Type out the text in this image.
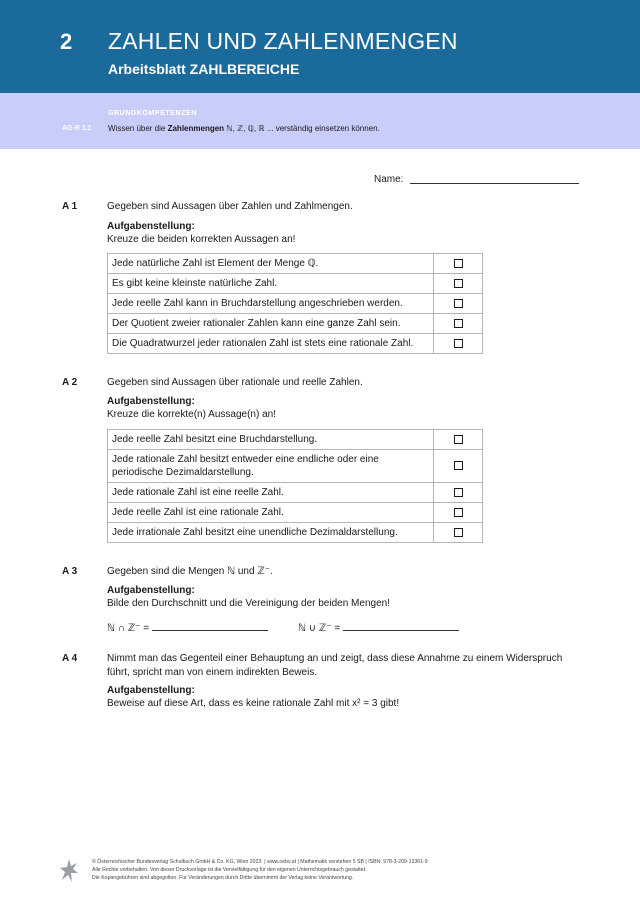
2 ZAHLEN UND ZAHLENMENGEN
Arbeitsblatt ZAHLBEREICHE
GRUNDKOMPETENZEN
AG-R 1.1 Wissen über die Zahlenmengen ℕ, ℤ, ℚ, ℝ ... verständig einsetzen können.
Name:
A 1	Gegeben sind Aussagen über Zahlen und Zahlmengen.
Aufgabenstellung:
Kreuze die beiden korrekten Aussagen an!
Jede natürliche Zahl ist Element der Menge ℚ.	
Es gibt keine kleinste natürliche Zahl.	
Jede reelle Zahl kann in Bruchdarstellung angeschrieben werden.	
Der Quotient zweier rationaler Zahlen kann eine ganze Zahl sein.	
Die Quadratwurzel jeder rationalen Zahl ist stets eine rationale Zahl.	
A 2	Gegeben sind Aussagen über rationale und reelle Zahlen.
Aufgabenstellung:
Kreuze die korrekte(n) Aussage(n) an!
Jede reelle Zahl besitzt eine Bruchdarstellung.	
Jede rationale Zahl besitzt entweder eine endliche oder eine periodische Dezimaldarstellung.	
Jede rationale Zahl ist eine reelle Zahl.	
Jede reelle Zahl ist eine rationale Zahl.	
Jede irrationale Zahl besitzt eine unendliche Dezimaldarstellung.	
A 3	Gegeben sind die Mengen ℕ und ℤ⁻.
Aufgabenstellung:
Bilde den Durchschnitt und die Vereinigung der beiden Mengen!
ℕ ∩ ℤ⁻ =	ℕ ∪ ℤ⁻ =
A 4	Nimmt man das Gegenteil einer Behauptung an und zeigt, dass diese Annahme zu einem Widerspruch führt, spricht man von einem indirekten Beweis.
Aufgabenstellung:
Beweise auf diese Art, dass es keine rationale Zahl mit x² = 3 gibt!
© Österreichischer Bundesverlag Schulbuch GmbH & Co. KG, Wien 2023. | www.oebv.at | Mathematik verstehen 5 SB | ISBN: 978-3-209-12361-9
Alle Rechte vorbehalten. Von dieser Druckvorlage ist die Vervielfältigung für den eigenen Unterrichtsgebrauch gestattet.
Die Kopiergebühren sind abgegolten. Für Veränderungen durch Dritte übernimmt der Verlag keine Verantwortung.
